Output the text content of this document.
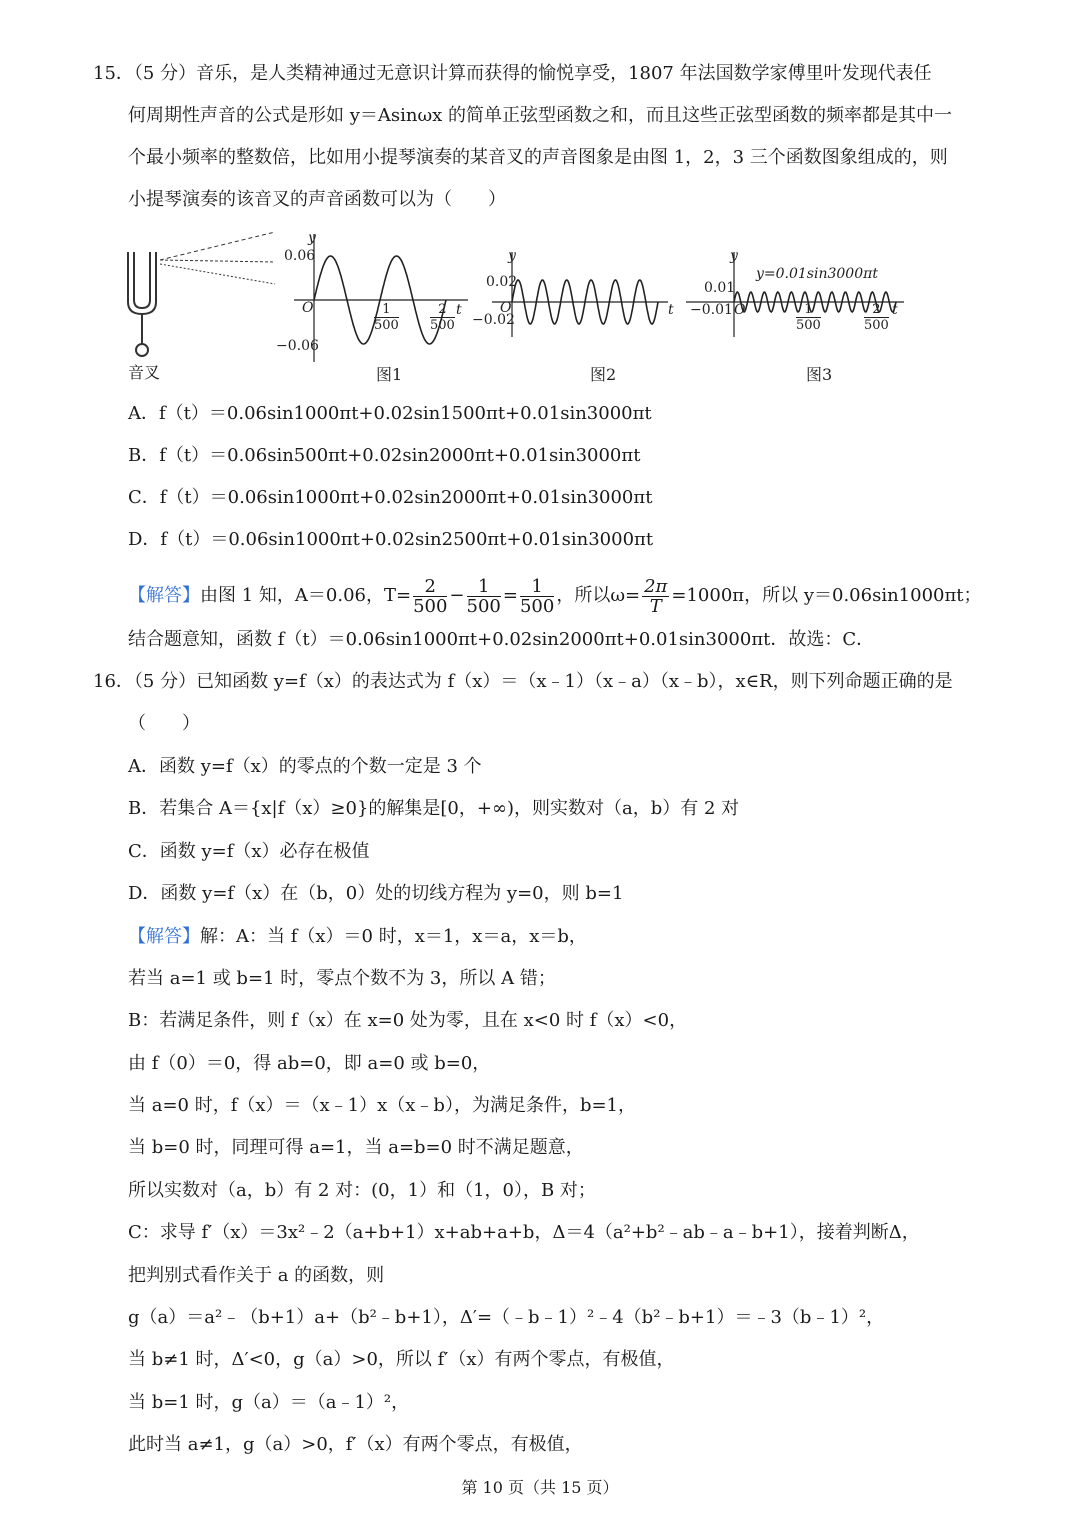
15．（5 分）音乐，是人类精神通过无意识计算而获得的愉悦享受，1807 年法国数学家傅里叶发现代表任
何周期性声音的公式是形如 y＝Asinωx 的简单正弦型函数之和，而且这些正弦型函数的频率都是其中一
个最小频率的整数倍，比如用小提琴演奏的某音叉的声音图象是由图 1，2，3 三个函数图象组成的，则
小提琴演奏的该音叉的声音函数可以为（　　）
y
0.06
−0.06
O	t
$\frac{1}{500} \frac{2}{500}$
图1
y
0.02
−0.02
O	t
图2
y
0.01
−0.01 O	t
y=0.01sin3000πt
$\frac{1}{500}$	$\frac{2}{500}$
图3
音叉
A．f（t）＝0.06sin1000πt+0.02sin1500πt+0.01sin3000πt
B．f（t）＝0.06sin500πt+0.02sin2000πt+0.01sin3000πt
C．f（t）＝0.06sin1000πt+0.02sin2000πt+0.01sin3000πt
D．f（t）＝0.06sin1000πt+0.02sin2500πt+0.01sin3000πt
【解答】由图 1 知，A＝0.06，$T= \frac{2}{500} - \frac{1}{500} = \frac{1}{500}$ ，所以$\omega= \frac{2\pi}{T} =1000\pi$，所以 y＝0.06sin1000πt；
结合题意知，函数 f（t）＝0.06sin1000πt+0.02sin2000πt+0.01sin3000πt．故选：C．
16．（5 分）已知函数 y=f（x）的表达式为 f（x）＝（x﹣1）（x﹣a）（x﹣b），x∈R，则下列命题正确的是
（　　）
A．函数 y=f（x）的零点的个数一定是 3 个
B．若集合 A＝{x|f（x）≥0}的解集是[0，+∞)，则实数对（a，b）有 2 对
C．函数 y=f（x）必存在极值
D．函数 y=f（x）在（b，0）处的切线方程为 y=0，则 b=1
【解答】解：A：当 f（x）＝0 时，x＝1，x＝a，x＝b，
若当 a=1 或 b=1 时，零点个数不为 3，所以 A 错；
B：若满足条件，则 f（x）在 x=0 处为零，且在 x<0 时 f（x）<0，
由 f（0）＝0，得 ab=0，即 a=0 或 b=0，
当 a=0 时，f（x）＝（x﹣1）x（x﹣b），为满足条件，b=1，
当 b=0 时，同理可得 a=1，当 a=b=0 时不满足题意，
所以实数对（a，b）有 2 对：(0，1）和（1，0），B 对；
C：求导 f′（x）＝3x²﹣2（a+b+1）x+ab+a+b，Δ＝4（a²+b²﹣ab﹣a﹣b+1），接着判断Δ，
把判别式看作关于 a 的函数，则
g（a）＝a²﹣（b+1）a+（b²﹣b+1），Δ′=（﹣b﹣1）²﹣4（b²﹣b+1）＝﹣3（b﹣1）²，
当 b≠1 时，Δ′<0，g（a）>0，所以 f′（x）有两个零点，有极值，
当 b=1 时，g（a）＝（a﹣1）²，
此时当 a≠1，g（a）>0，f′（x）有两个零点，有极值，
第 10 页（共 15 页）
